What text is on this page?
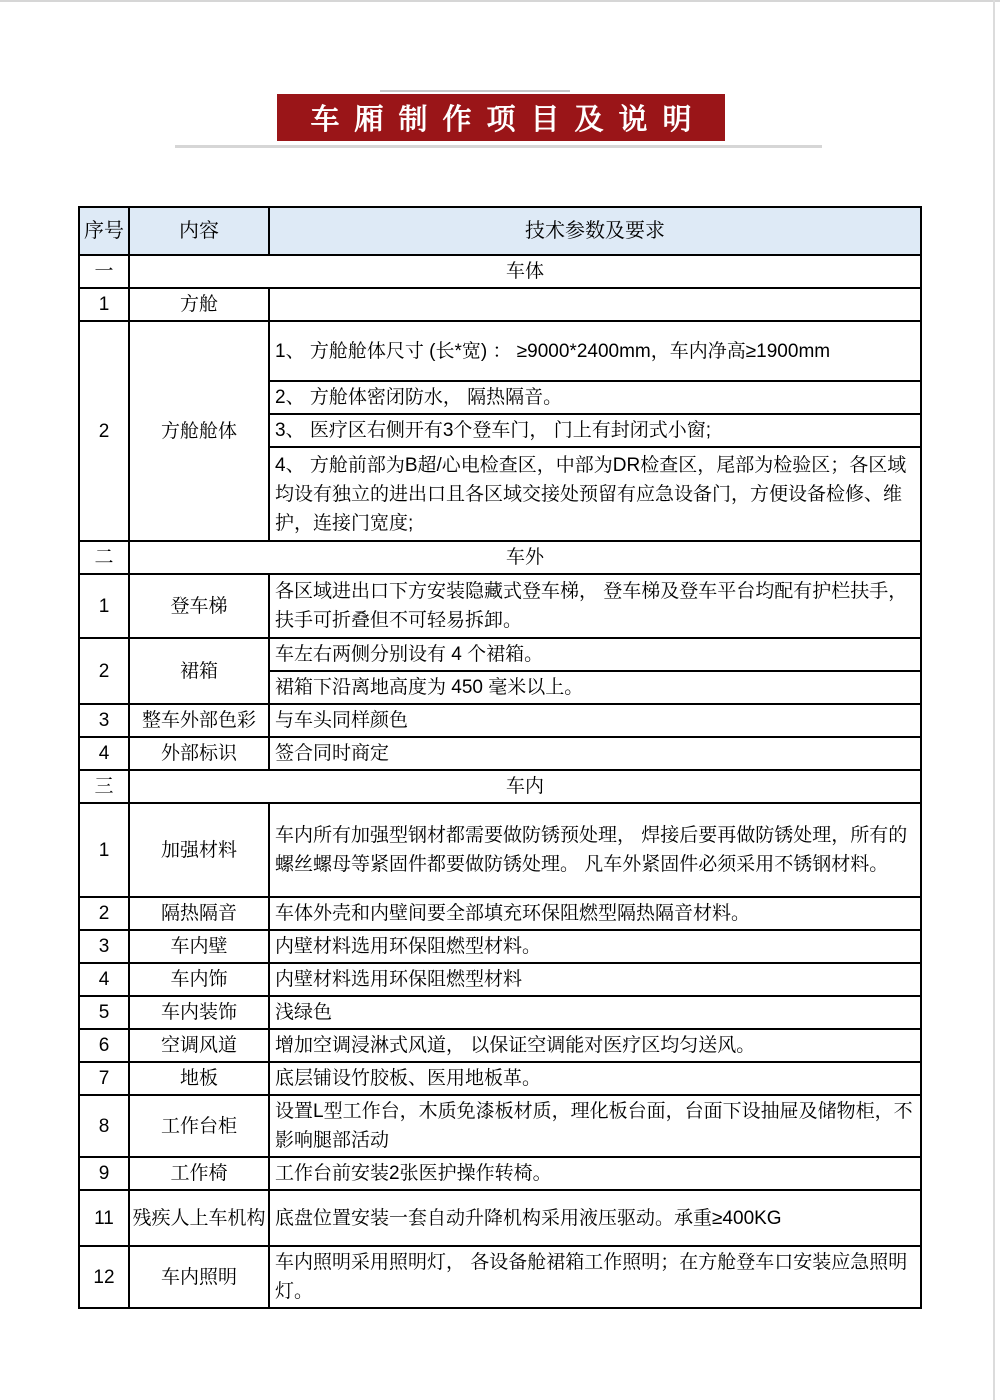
车厢制作项目及说明
序号	内容	技术参数及要求
一	车体	
1	方舱	
2	方舱舱体	1、 方舱舱体尺寸 (长*宽) ： ≥9000*2400mm，车内净高≥1900mm
		2、 方舱体密闭防水， 隔热隔音。
		3、 医疗区右侧开有3个登车门， 门上有封闭式小窗;
		4、 方舱前部为B超/心电检查区，中部为DR检查区，尾部为检验区；各区域均设有独立的进出口且各区域交接处预留有应急设备门，方便设备检修、维护，连接门宽度;
二	车外	
1	登车梯	各区域进出口下方安装隐藏式登车梯， 登车梯及登车平台均配有护栏扶手，扶手可折叠但不可轻易拆卸。
2	裙箱	车左右两侧分别设有 4 个裙箱。
		裙箱下沿离地高度为 450 毫米以上。
3	整车外部色彩	与车头同样颜色
4	外部标识	签合同时商定
三	车内	
1	加强材料	车内所有加强型钢材都需要做防锈预处理， 焊接后要再做防锈处理，所有的螺丝螺母等紧固件都要做防锈处理。 凡车外紧固件必须采用不锈钢材料。
2	隔热隔音	车体外壳和内壁间要全部填充环保阻燃型隔热隔音材料。
3	车内壁	内壁材料选用环保阻燃型材料。
4	车内饰	内壁材料选用环保阻燃型材料
5	车内装饰	浅绿色
6	空调风道	增加空调浸淋式风道， 以保证空调能对医疗区均匀送风。
7	地板	底层铺设竹胶板、医用地板革。
8	工作台柜	设置L型工作台，木质免漆板材质，理化板台面，台面下设抽屉及储物柜，不影响腿部活动
9	工作椅	工作台前安装2张医护操作转椅。
11	残疾人上车机构	底盘位置安装一套自动升降机构采用液压驱动。承重≥400KG
12	车内照明	车内照明采用照明灯， 各设备舱裙箱工作照明；在方舱登车口安装应急照明灯。
